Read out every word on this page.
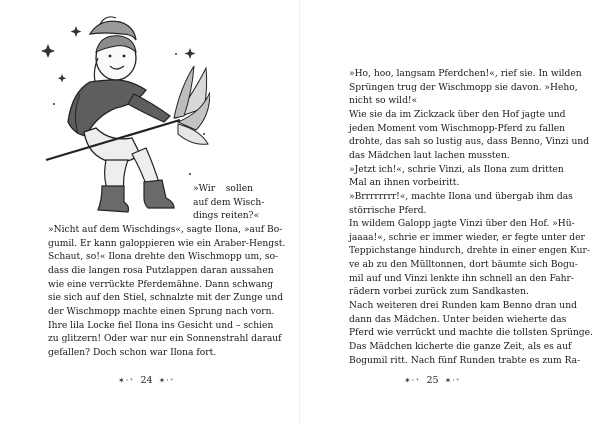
»Wir sollen
auf dem Wisch-
dings reiten?«
»Nicht auf dem Wischdings«, sagte Ilona, »auf Bo-
gumil. Er kann galoppieren wie ein Araber-Hengst.
Schaut, so!« Ilona drehte den Wischmopp um, so-
dass die langen rosa Putzlappen daran aussahen
wie eine verrückte Pferdemähne. Dann schwang
sie sich auf den Stiel, schnalzte mit der Zunge und
der Wischmopp machte einen Sprung nach vorn.
Ihre lila Locke fiel Ilona ins Gesicht und – schien
zu glitzern! Oder war nur ein Sonnenstrahl darauf
gefallen? Doch schon war Ilona fort.
✶·⁺ 24 ✶·⁺
»Ho, hoo, langsam Pferdchen!«, rief sie. In wilden
Sprüngen trug der Wischmopp sie davon. »Heho,
nicht so wild!«
Wie sie da im Zickzack über den Hof jagte und
jeden Moment vom Wischmopp-Pferd zu fallen
drohte, das sah so lustig aus, dass Benno, Vinzi und
das Mädchen laut lachen mussten.
»Jetzt ich!«, schrie Vinzi, als Ilona zum dritten
Mal an ihnen vorbeiritt.
»Brrrrrrrr!«, machte Ilona und übergab ihm das
störrische Pferd.
In wildem Galopp jagte Vinzi über den Hof. »Hü-
jaaaa!«, schrie er immer wieder, er fegte unter der
Teppichstange hindurch, drehte in einer engen Kur-
ve ab zu den Mülltonnen, dort bäumte sich Bogu-
mil auf und Vinzi lenkte ihn schnell an den Fahr-
rädern vorbei zurück zum Sandkasten.
Nach weiteren drei Runden kam Benno dran und
dann das Mädchen. Unter beiden wieherte das
Pferd wie verrückt und machte die tollsten Sprünge.
Das Mädchen kicherte die ganze Zeit, als es auf
Bogumil ritt. Nach fünf Runden trabte es zum Ra-
✶·⁺ 25 ✶·⁺
